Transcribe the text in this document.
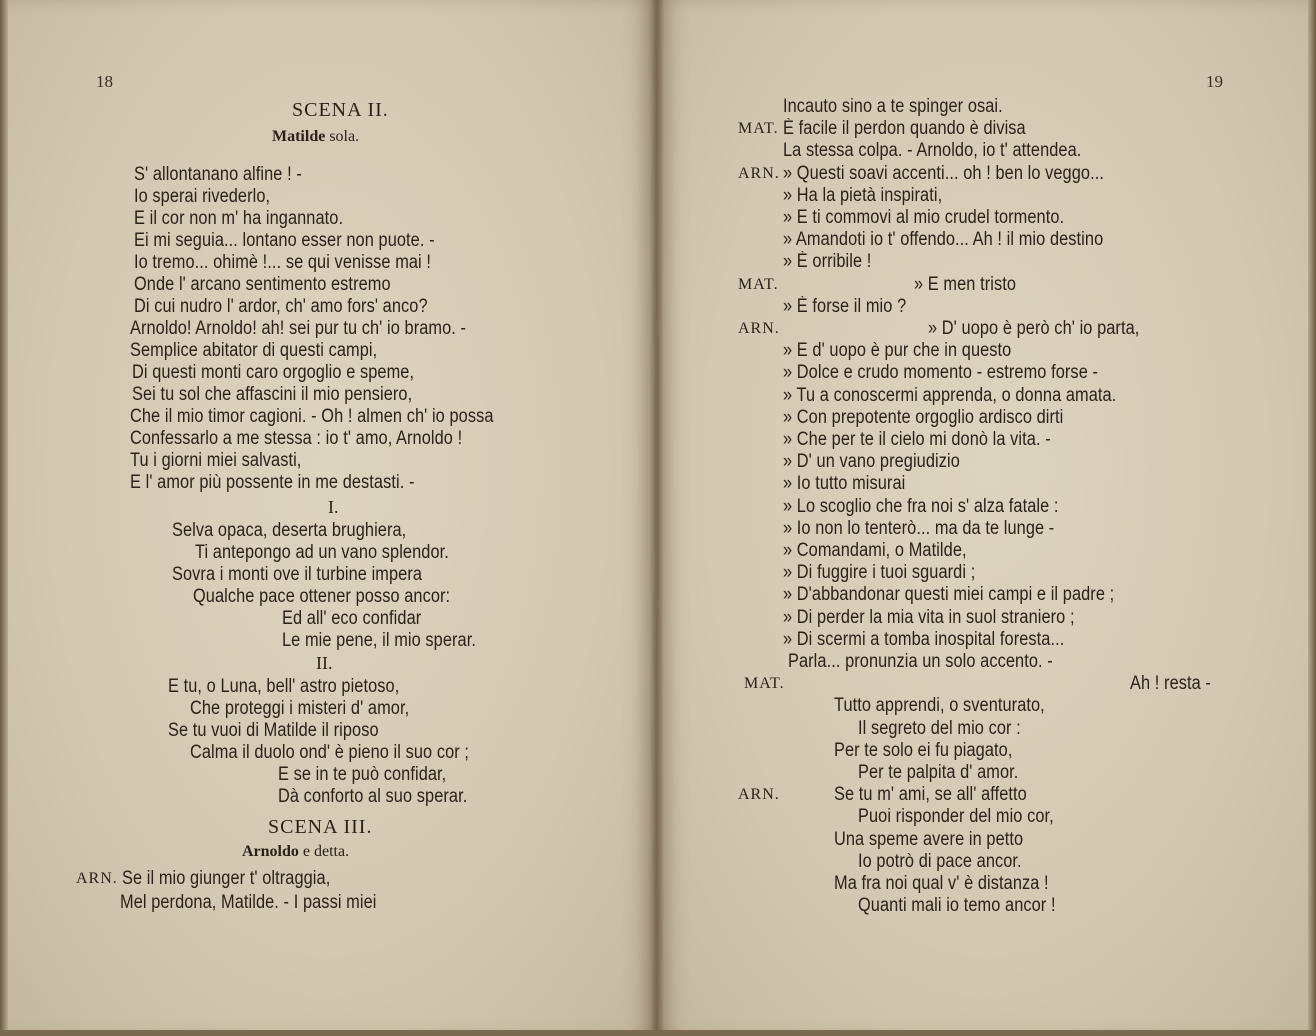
18
SCENA II.
Matilde sola.
S' allontanano alfine ! -
Io sperai rivederlo,
E il cor non m' ha ingannato.
Ei mi seguia... lontano esser non puote. -
Io tremo... ohimè !... se qui venisse mai !
Onde l' arcano sentimento estremo
Di cui nudro l' ardor, ch' amo fors' anco?
Arnoldo! Arnoldo! ah! sei pur tu ch' io bramo. -
Semplice abitator di questi campi,
Di questi monti caro orgoglio e speme,
Sei tu sol che affascini il mio pensiero,
Che il mio timor cagioni. - Oh ! almen ch' io possa
Confessarlo a me stessa : io t' amo, Arnoldo !
Tu i giorni miei salvasti,
E l' amor più possente in me destasti. -
I.
Selva opaca, deserta brughiera,
Ti antepongo ad un vano splendor.
Sovra i monti ove il turbine impera
Qualche pace ottener posso ancor:
Ed all' eco confidar
Le mie pene, il mio sperar.
II.
E tu, o Luna, bell' astro pietoso,
Che proteggi i misteri d' amor,
Se tu vuoi di Matilde il riposo
Calma il duolo ond' è pieno il suo cor ;
E se in te può confidar,
Dà conforto al suo sperar.
SCENA III.
Arnoldo e detta.
ARN. Se il mio giunger t' oltraggia,
Mel perdona, Matilde. - I passi miei
19
Incauto sino a te spinger osai.
MAT. È facile il perdon quando è divisa
La stessa colpa. - Arnoldo, io t' attendea.
ARN. » Questi soavi accenti... oh ! ben lo veggo...
» Ha la pietà inspirati,
» E ti commovi al mio crudel tormento.
» Amandoti io t' offendo... Ah ! il mio destino
» È orribile !
MAT.	» E men tristo
» È forse il mio ?
ARN.	» D' uopo è però ch' io parta,
» E d' uopo è pur che in questo
» Dolce e crudo momento - estremo forse -
» Tu a conoscermi apprenda, o donna amata.
» Con prepotente orgoglio ardisco dirti
» Che per te il cielo mi donò la vita. -
» D' un vano pregiudizio
» Io tutto misurai
» Lo scoglio che fra noi s' alza fatale :
» Io non lo tenterò... ma da te lunge -
» Comandami, o Matilde,
» Di fuggire i tuoi sguardi ;
» D'abbandonar questi miei campi e il padre ;
» Di perder la mia vita in suol straniero ;
» Di scermi a tomba inospital foresta...
Parla... pronunzia un solo accento. -
MAT.	Ah ! resta -
Tutto apprendi, o sventurato,
Il segreto del mio cor :
Per te solo ei fu piagato,
Per te palpita d' amor.
ARN.	Se tu m' ami, se all' affetto
Puoi risponder del mio cor,
Una speme avere in petto
Io potrò di pace ancor.
Ma fra noi qual v' è distanza !
Quanti mali io temo ancor !
